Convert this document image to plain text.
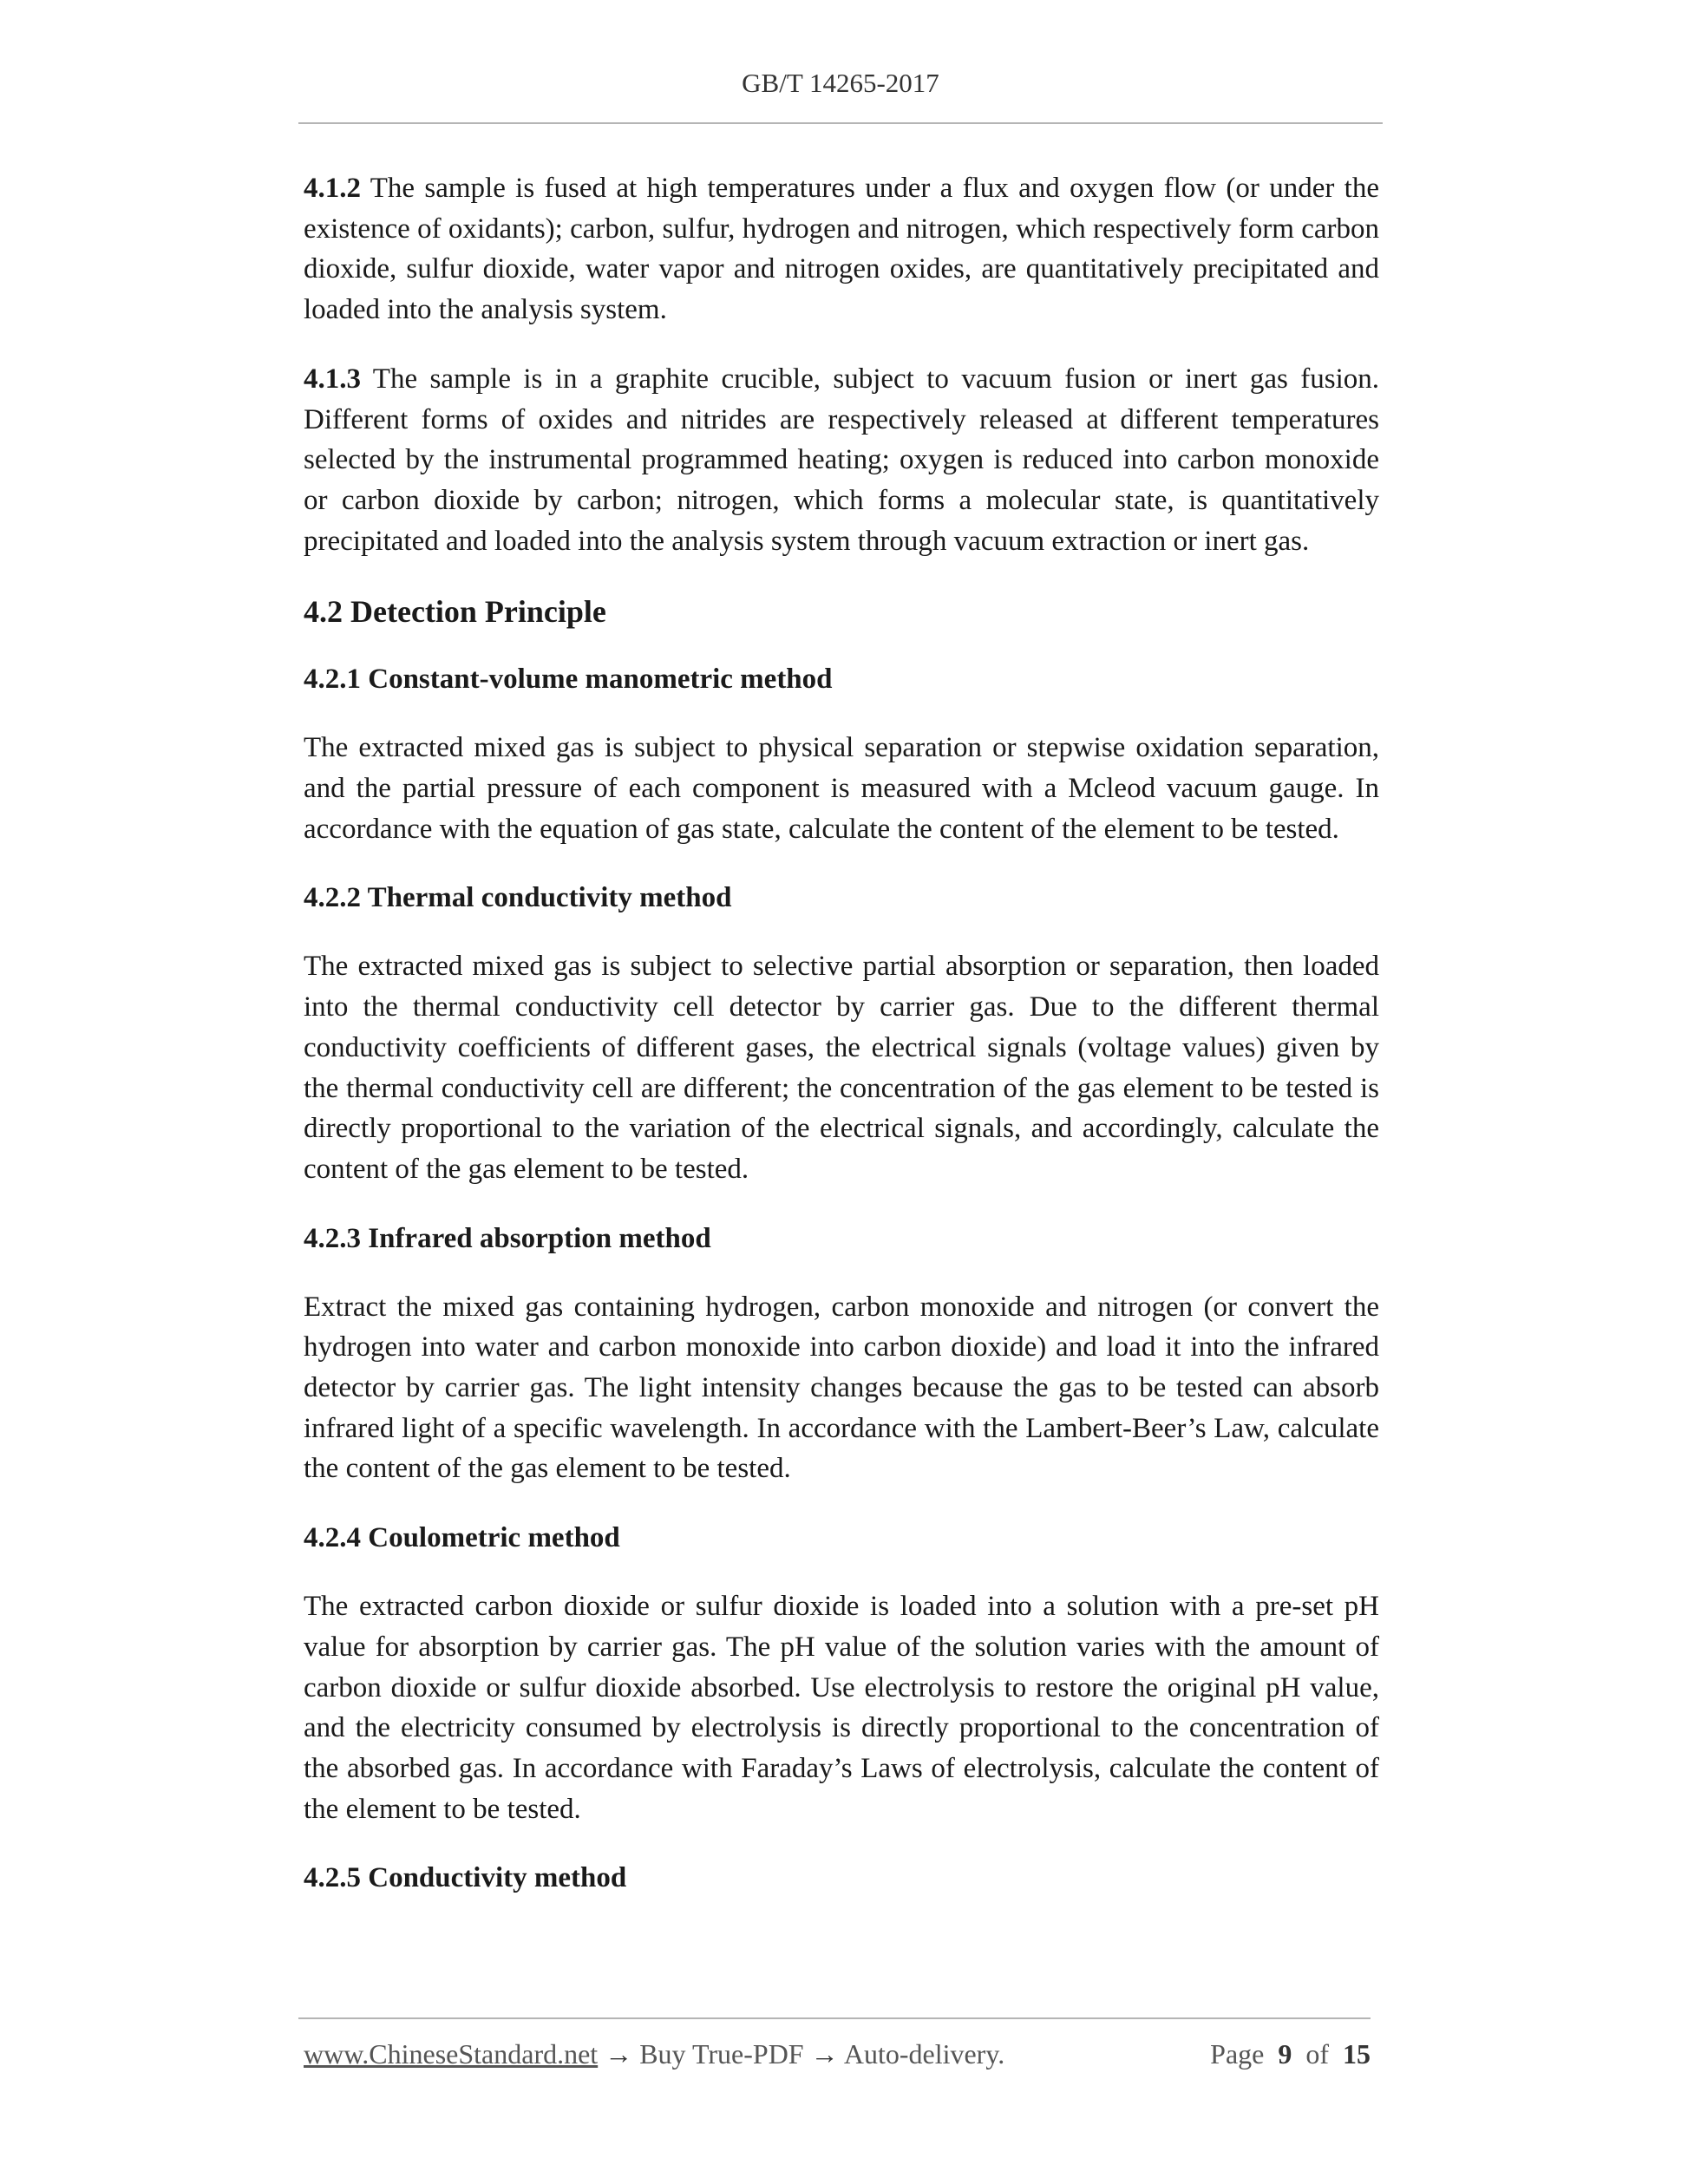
GB/T 14265-2017

4.1.2 The sample is fused at high temperatures under a flux and oxygen flow (or under the existence of oxidants); carbon, sulfur, hydrogen and nitrogen, which respectively form carbon dioxide, sulfur dioxide, water vapor and nitrogen oxides, are quantitatively precipitated and loaded into the analysis system.

4.1.3 The sample is in a graphite crucible, subject to vacuum fusion or inert gas fusion. Different forms of oxides and nitrides are respectively released at different temperatures selected by the instrumental programmed heating; oxygen is reduced into carbon monoxide or carbon dioxide by carbon; nitrogen, which forms a molecular state, is quantitatively precipitated and loaded into the analysis system through vacuum extraction or inert gas.

4.2 Detection Principle
4.2.1 Constant-volume manometric method

The extracted mixed gas is subject to physical separation or stepwise oxidation separation, and the partial pressure of each component is measured with a Mcleod vacuum gauge. In accordance with the equation of gas state, calculate the content of the element to be tested.

4.2.2 Thermal conductivity method

The extracted mixed gas is subject to selective partial absorption or separation, then loaded into the thermal conductivity cell detector by carrier gas. Due to the different thermal conductivity coefficients of different gases, the electrical signals (voltage values) given by the thermal conductivity cell are different; the concentration of the gas element to be tested is directly proportional to the variation of the electrical signals, and accordingly, calculate the content of the gas element to be tested.

4.2.3 Infrared absorption method

Extract the mixed gas containing hydrogen, carbon monoxide and nitrogen (or convert the hydrogen into water and carbon monoxide into carbon dioxide) and load it into the infrared detector by carrier gas. The light intensity changes because the gas to be tested can absorb infrared light of a specific wavelength. In accordance with the Lambert-Beer’s Law, calculate the content of the gas element to be tested.

4.2.4 Coulometric method

The extracted carbon dioxide or sulfur dioxide is loaded into a solution with a pre-set pH value for absorption by carrier gas. The pH value of the solution varies with the amount of carbon dioxide or sulfur dioxide absorbed. Use electrolysis to restore the original pH value, and the electricity consumed by electrolysis is directly proportional to the concentration of the absorbed gas. In accordance with Faraday’s Laws of electrolysis, calculate the content of the element to be tested.

4.2.5 Conductivity method
www.ChineseStandard.net → Buy True-PDF → Auto-delivery.	Page 9 of 15
